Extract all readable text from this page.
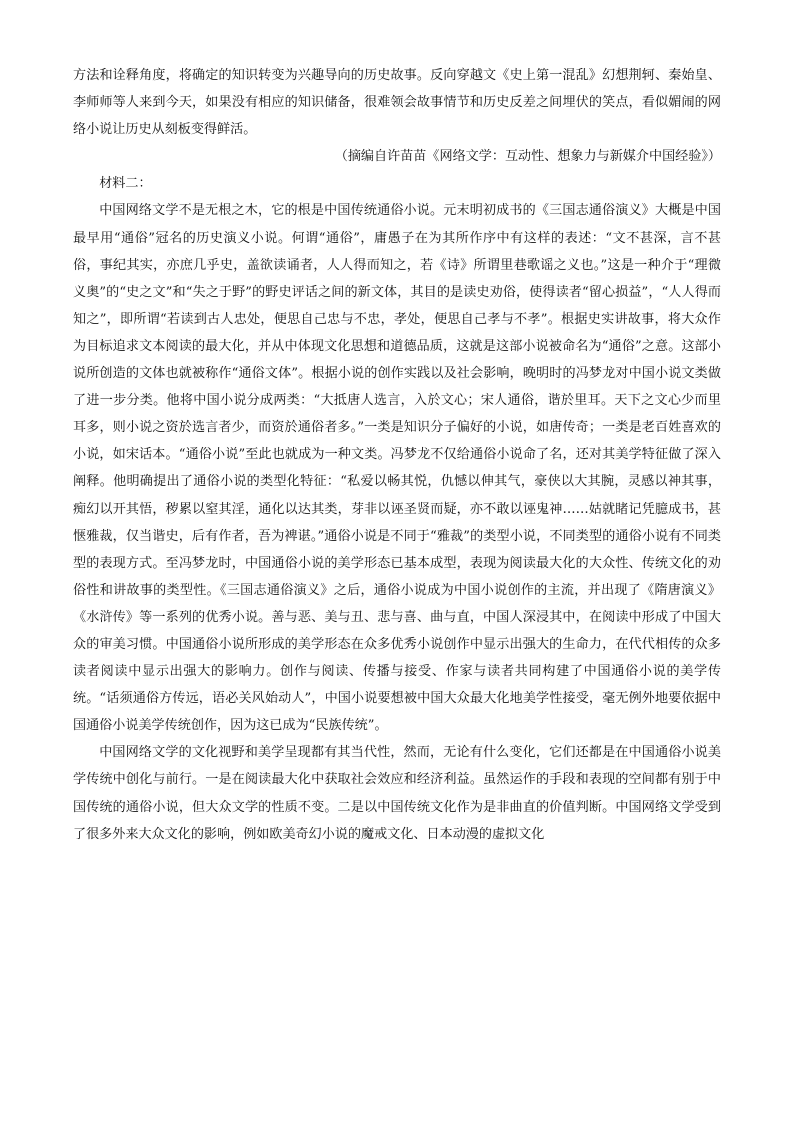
方法和诠释角度，将确定的知识转变为兴趣导向的历史故事。反向穿越文《史上第一混乱》幻想荆轲、秦始皇、李师师等人来到今天，如果没有相应的知识储备，很难领会故事情节和历史反差之间埋伏的笑点，看似媚闹的网络小说让历史从刻板变得鲜活。

（摘编自许苗苗《网络文学：互动性、想象力与新媒介中国经验》）

材料二：

中国网络文学不是无根之木，它的根是中国传统通俗小说。元末明初成书的《三国志通俗演义》大概是中国最早用“通俗”冠名的历史演义小说。何谓“通俗”，庸愚子在为其所作序中有这样的表述：“文不甚深，言不甚俗，事纪其实，亦庶几乎史，盖欲读诵者，人人得而知之，若《诗》所谓里巷歌谣之义也。”这是一种介于“理微义奥”的“史之文”和“失之于野”的野史评话之间的新文体，其目的是读史劝俗，使得读者“留心损益”，“人人得而知之”，即所谓“若读到古人忠处，便思自己忠与不忠，孝处，便思自己孝与不孝”。根据史实讲故事，将大众作为目标追求文本阅读的最大化，并从中体现文化思想和道德品质，这就是这部小说被命名为“通俗”之意。这部小说所创造的文体也就被称作“通俗文体”。根据小说的创作实践以及社会影响，晚明时的冯梦龙对中国小说文类做了进一步分类。他将中国小说分成两类：“大抵唐人选言，入於文心；宋人通俗，谐於里耳。天下之文心少而里耳多，则小说之资於选言者少，而资於通俗者多。”一类是知识分子偏好的小说，如唐传奇；一类是老百姓喜欢的小说，如宋话本。“通俗小说”至此也就成为一种文类。冯梦龙不仅给通俗小说命了名，还对其美学特征做了深入阐释。他明确提出了通俗小说的类型化特征：“私爱以畅其悦，仇憾以伸其气，豪侠以大其腕，灵感以神其事，痴幻以开其悟，秽累以窒其淫，通化以达其类，芽非以诬圣贤而疑，亦不敢以诬鬼神……姑就睹记凭臆成书，甚惬雅裁，仅当谐史，后有作者，吾为裨谌。”通俗小说是不同于“雅裁”的类型小说，不同类型的通俗小说有不同类型的表现方式。至冯梦龙时，中国通俗小说的美学形态已基本成型，表现为阅读最大化的大众性、传统文化的劝俗性和讲故事的类型性。《三国志通俗演义》之后，通俗小说成为中国小说创作的主流，并出现了《隋唐演义》《水浒传》等一系列的优秀小说。善与恶、美与丑、悲与喜、曲与直，中国人深浸其中，在阅读中形成了中国大众的审美习惯。中国通俗小说所形成的美学形态在众多优秀小说创作中显示出强大的生命力，在代代相传的众多读者阅读中显示出强大的影响力。创作与阅读、传播与接受、作家与读者共同构建了中国通俗小说的美学传统。“话须通俗方传远，语必关风始动人”，中国小说要想被中国大众最大化地美学性接受，毫无例外地要依据中国通俗小说美学传统创作，因为这已成为“民族传统”。

中国网络文学的文化视野和美学呈现都有其当代性，然而，无论有什么变化，它们还都是在中国通俗小说美学传统中创化与前行。一是在阅读最大化中获取社会效应和经济利益。虽然运作的手段和表现的空间都有别于中国传统的通俗小说，但大众文学的性质不变。二是以中国传统文化作为是非曲直的价值判断。中国网络文学受到了很多外来大众文化的影响，例如欧美奇幻小说的魔戒文化、日本动漫的虚拟文化
